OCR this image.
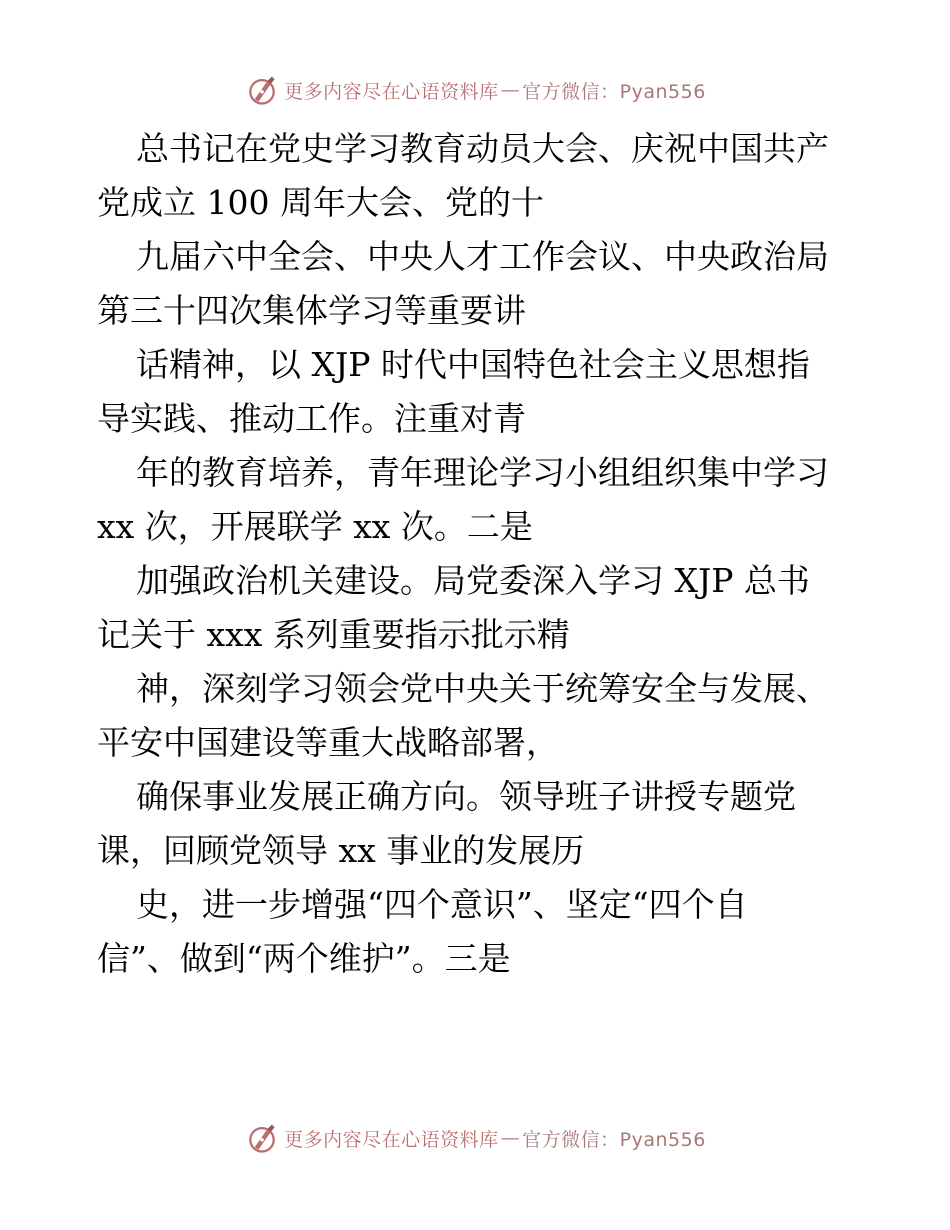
更多内容尽在心语资料库 — 官方微信：Pyan556
总书记在党史学习教育动员大会、庆祝中国共产
党成立 100 周年大会、党的十
九届六中全会、中央人才工作会议、中央政治局
第三十四次集体学习等重要讲
话精神，以 XJP 时代中国特色社会主义思想指
导实践、推动工作。注重对青
年的教育培养，青年理论学习小组组织集中学习
xx 次，开展联学 xx 次。二是
加强政治机关建设。局党委深入学习 XJP 总书
记关于 xxx 系列重要指示批示精
神，深刻学习领会党中央关于统筹安全与发展、
平安中国建设等重大战略部署，
确保事业发展正确方向。领导班子讲授专题党
课，回顾党领导 xx 事业的发展历
史，进一步增强“四个意识”、坚定“四个自
信”、做到“两个维护”。三是
更多内容尽在心语资料库 — 官方微信：Pyan556
